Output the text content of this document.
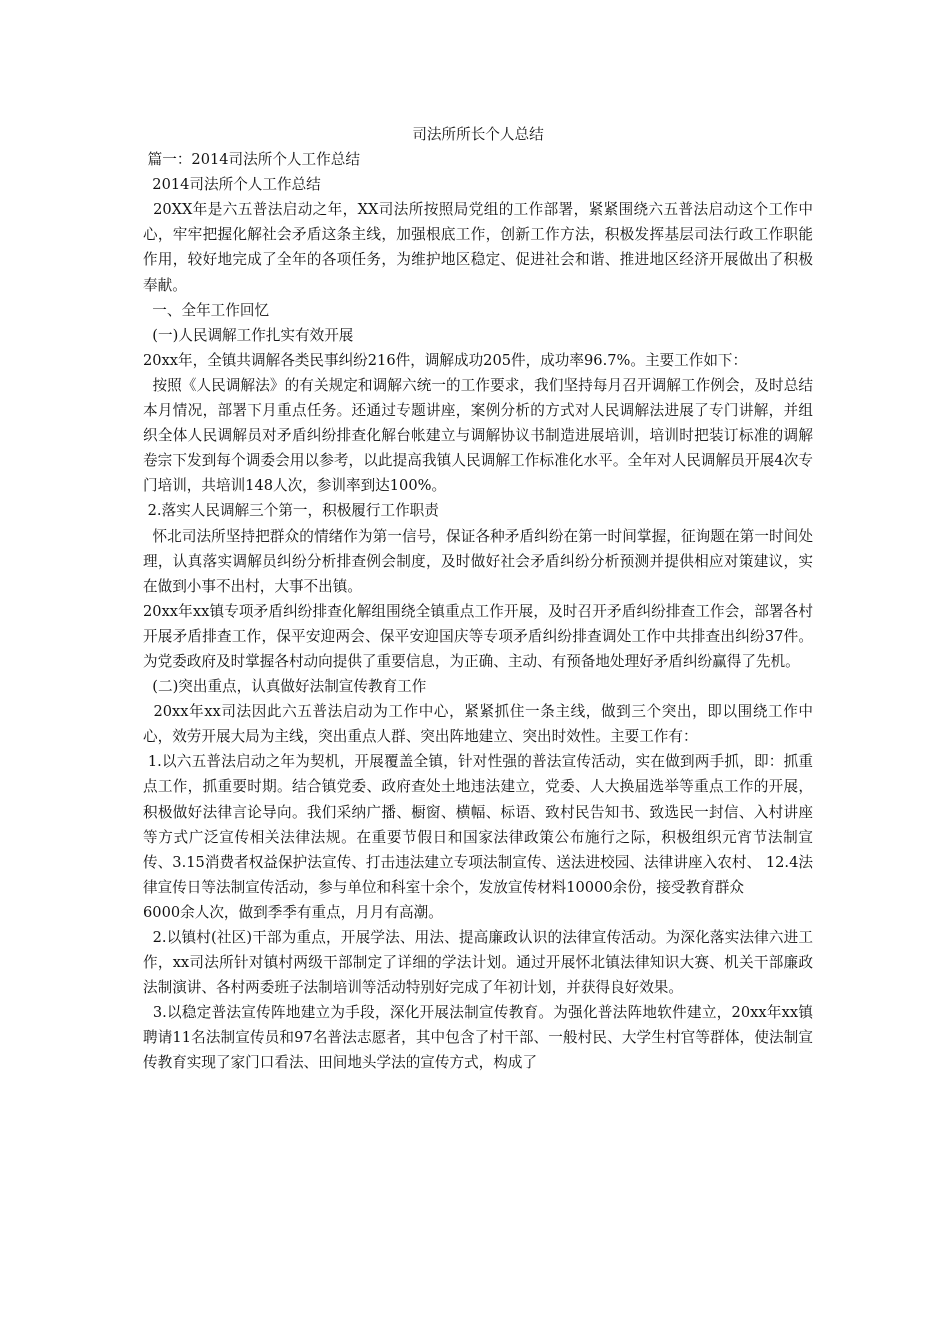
司法所所长个人总结

篇一：2014司法所个人工作总结

2014司法所个人工作总结

20XX年是六五普法启动之年，XX司法所按照局党组的工作部署，紧紧围绕六五普法启动这个工作中心，牢牢把握化解社会矛盾这条主线，加强根底工作，创新工作方法，积极发挥基层司法行政工作职能作用，较好地完成了全年的各项任务，为维护地区稳定、促进社会和谐、推进地区经济开展做出了积极奉献。

一、全年工作回忆

(一)人民调解工作扎实有效开展

20xx年，全镇共调解各类民事纠纷216件，调解成功205件，成功率96.7%。主要工作如下：

按照《人民调解法》的有关规定和调解六统一的工作要求，我们坚持每月召开调解工作例会，及时总结本月情况，部署下月重点任务。还通过专题讲座，案例分析的方式对人民调解法进展了专门讲解，并组织全体人民调解员对矛盾纠纷排查化解台帐建立与调解协议书制造进展培训，培训时把装订标准的调解卷宗下发到每个调委会用以参考，以此提高我镇人民调解工作标准化水平。全年对人民调解员开展4次专门培训，共培训148人次，参训率到达100%。

2.落实人民调解三个第一，积极履行工作职责

怀北司法所坚持把群众的情绪作为第一信号，保证各种矛盾纠纷在第一时间掌握，征询题在第一时间处理，认真落实调解员纠纷分析排查例会制度，及时做好社会矛盾纠纷分析预测并提供相应对策建议，实在做到小事不出村，大事不出镇。

20xx年xx镇专项矛盾纠纷排查化解组围绕全镇重点工作开展，及时召开矛盾纠纷排查工作会，部署各村开展矛盾排查工作，保平安迎两会、保平安迎国庆等专项矛盾纠纷排查调处工作中共排查出纠纷37件。为党委政府及时掌握各村动向提供了重要信息，为正确、主动、有预备地处理好矛盾纠纷赢得了先机。

(二)突出重点，认真做好法制宣传教育工作

20xx年xx司法因此六五普法启动为工作中心，紧紧抓住一条主线，做到三个突出，即以围绕工作中心，效劳开展大局为主线，突出重点人群、突出阵地建立、突出时效性。主要工作有：

1.以六五普法启动之年为契机，开展覆盖全镇，针对性强的普法宣传活动，实在做到两手抓，即：抓重点工作，抓重要时期。结合镇党委、政府查处土地违法建立，党委、人大换届选举等重点工作的开展，积极做好法律言论导向。我们采纳广播、橱窗、横幅、标语、致村民告知书、致选民一封信、入村讲座等方式广泛宣传相关法律法规。在重要节假日和国家法律政策公布施行之际，积极组织元宵节法制宣传、3.15消费者权益保护法宣传、打击违法建立专项法制宣传、送法进校园、法律讲座入农村、 12.4法律宣传日等法制宣传活动，参与单位和科室十余个，发放宣传材料10000余份，接受教育群众

6000余人次，做到季季有重点，月月有高潮。

2.以镇村(社区)干部为重点，开展学法、用法、提高廉政认识的法律宣传活动。为深化落实法律六进工作，xx司法所针对镇村两级干部制定了详细的学法计划。通过开展怀北镇法律知识大赛、机关干部廉政法制演讲、各村两委班子法制培训等活动特别好完成了年初计划，并获得良好效果。

3.以稳定普法宣传阵地建立为手段，深化开展法制宣传教育。为强化普法阵地软件建立，20xx年xx镇聘请11名法制宣传员和97名普法志愿者，其中包含了村干部、一般村民、大学生村官等群体，使法制宣传教育实现了家门口看法、田间地头学法的宣传方式，构成了
